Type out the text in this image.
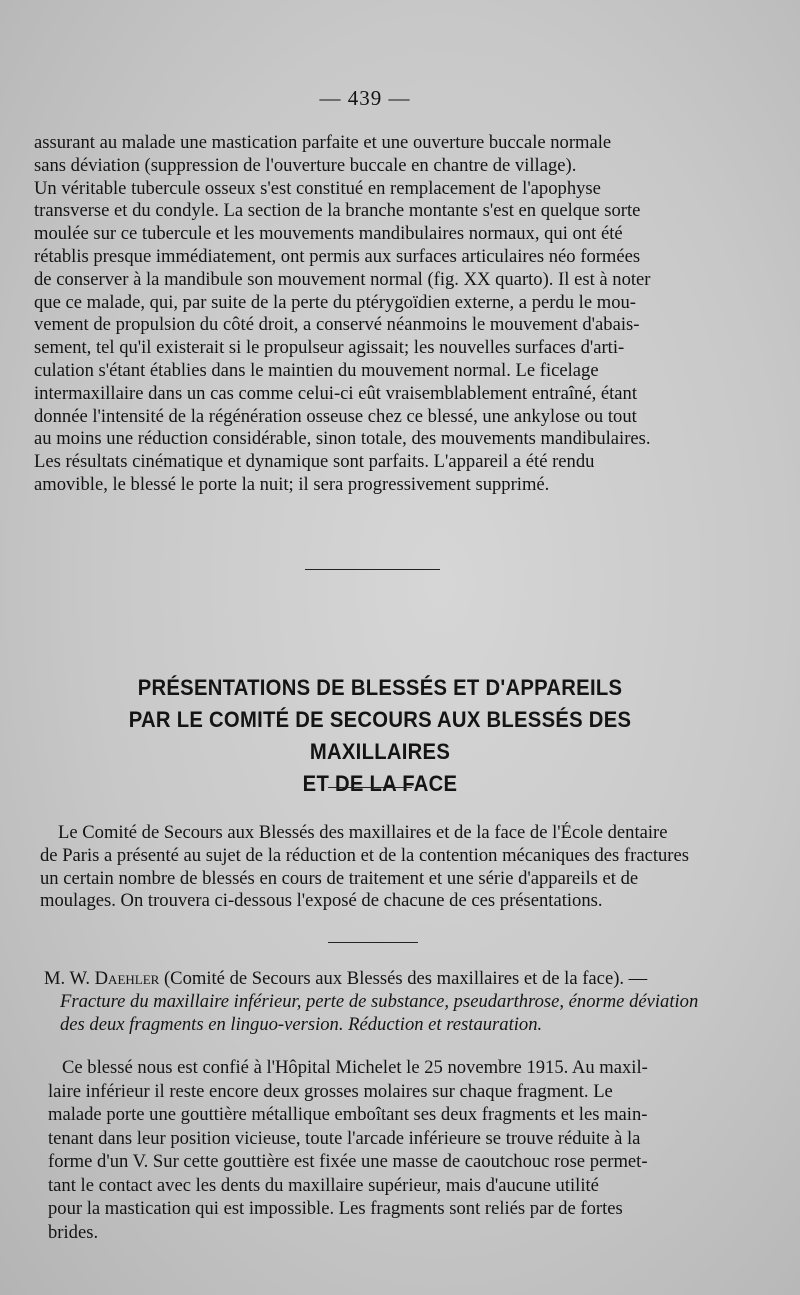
— 439 —
assurant au malade une mastication parfaite et une ouverture buccale normale
sans déviation (suppression de l'ouverture buccale en chantre de village).
Un véritable tubercule osseux s'est constitué en remplacement de l'apophyse
transverse et du condyle. La section de la branche montante s'est en quelque sorte
moulée sur ce tubercule et les mouvements mandibulaires normaux, qui ont été
rétablis presque immédiatement, ont permis aux surfaces articulaires néo formées
de conserver à la mandibule son mouvement normal (fig. XX quarto). Il est à noter
que ce malade, qui, par suite de la perte du ptérygoïdien externe, a perdu le mou-
vement de propulsion du côté droit, a conservé néanmoins le mouvement d'abais-
sement, tel qu'il existerait si le propulseur agissait; les nouvelles surfaces d'arti-
culation s'étant établies dans le maintien du mouvement normal. Le ficelage
intermaxillaire dans un cas comme celui-ci eût vraisemblablement entraîné, étant
donnée l'intensité de la régénération osseuse chez ce blessé, une ankylose ou tout
au moins une réduction considérable, sinon totale, des mouvements mandibulaires.
Les résultats cinématique et dynamique sont parfaits. L'appareil a été rendu
amovible, le blessé le porte la nuit; il sera progressivement supprimé.
PRÉSENTATIONS DE BLESSÉS ET D'APPAREILS
PAR LE COMITÉ DE SECOURS AUX BLESSÉS DES MAXILLAIRES
ET DE LA FACE
Le Comité de Secours aux Blessés des maxillaires et de la face de l'École dentaire
de Paris a présenté au sujet de la réduction et de la contention mécaniques des fractures
un certain nombre de blessés en cours de traitement et une série d'appareils et de
moulages. On trouvera ci-dessous l'exposé de chacune de ces présentations.
M. W. Daehler (Comité de Secours aux Blessés des maxillaires et de la face). —
Fracture du maxillaire inférieur, perte de substance, pseudarthrose, énorme déviation
des deux fragments en linguo-version. Réduction et restauration.
Ce blessé nous est confié à l'Hôpital Michelet le 25 novembre 1915. Au maxil-
laire inférieur il reste encore deux grosses molaires sur chaque fragment. Le
malade porte une gouttière métallique emboîtant ses deux fragments et les main-
tenant dans leur position vicieuse, toute l'arcade inférieure se trouve réduite à la
forme d'un V. Sur cette gouttière est fixée une masse de caoutchouc rose permet-
tant le contact avec les dents du maxillaire supérieur, mais d'aucune utilité
pour la mastication qui est impossible. Les fragments sont reliés par de fortes
brides.
